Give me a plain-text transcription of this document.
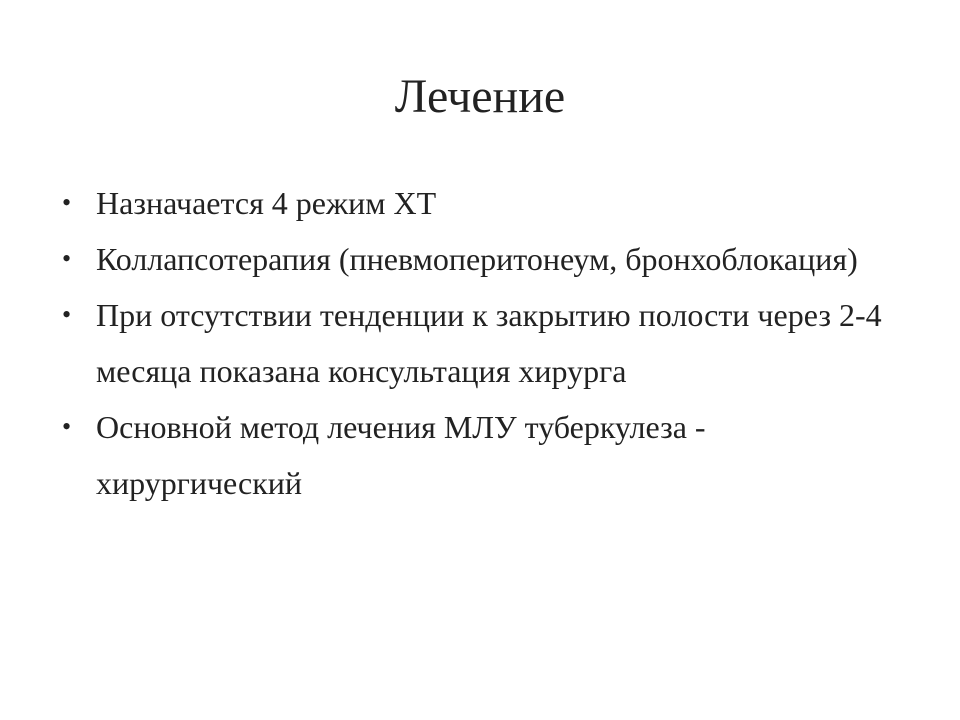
Лечение
• Назначается 4 режим ХТ
• Коллапсотерапия (пневмоперитонеум, бронхоблокация)
• При отсутствии тенденции к закрытию полости через 2-4 месяца показана консультация хирурга
• Основной метод лечения МЛУ туберкулеза - хирургический
